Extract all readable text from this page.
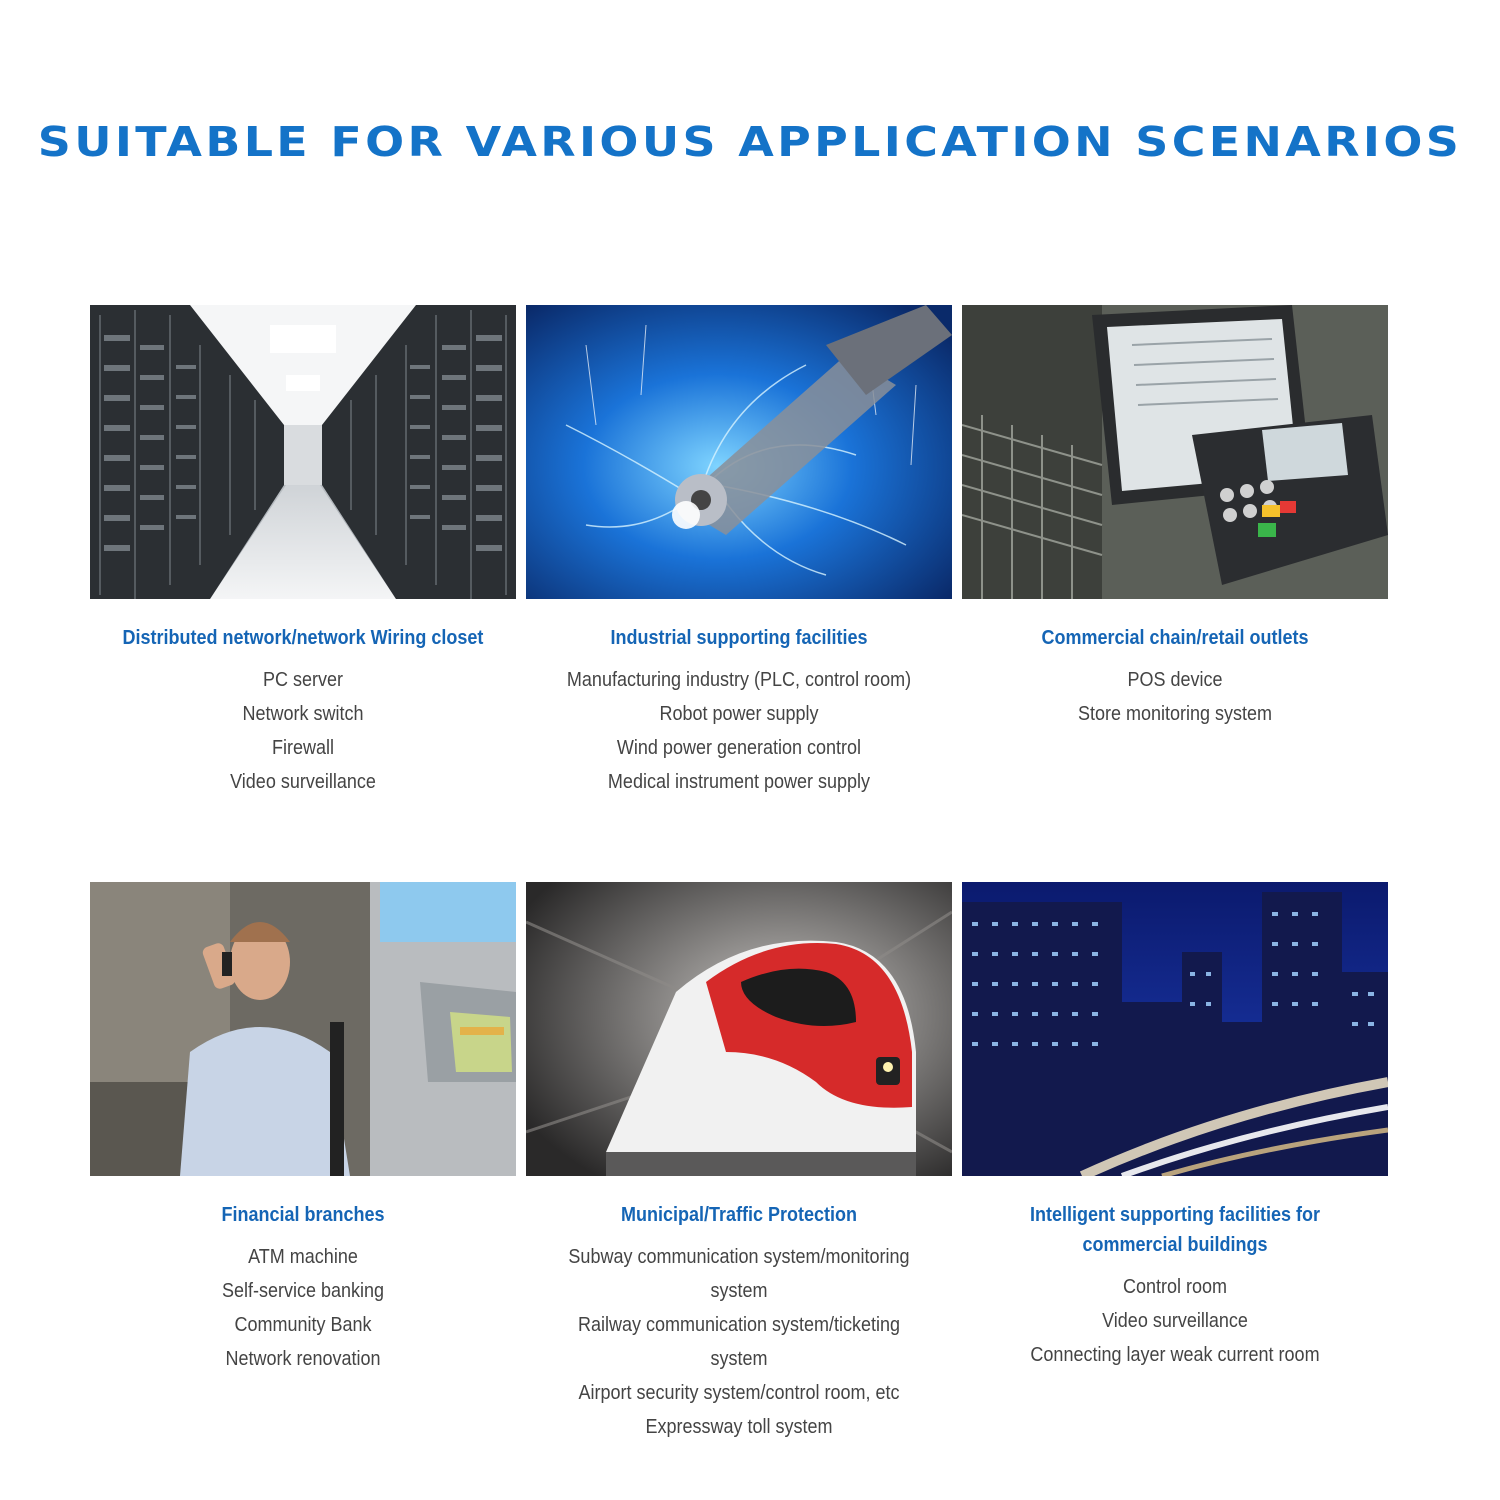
SUITABLE FOR VARIOUS APPLICATION SCENARIOS
Distributed network/network Wiring closet
PC server
Network switch
Firewall
Video surveillance
Industrial supporting facilities
Manufacturing industry (PLC, control room)
Robot power supply
Wind power generation control
Medical instrument power supply
Commercial chain/retail outlets
POS device
Store monitoring system
Financial branches
ATM machine
Self-service banking
Community Bank
Network renovation
Municipal/Traffic Protection
Subway communication system/monitoring system
Railway communication system/ticketing system
Airport security system/control room, etc
Expressway toll system
Intelligent supporting facilities for commercial buildings
Control room
Video surveillance
Connecting layer weak current room
